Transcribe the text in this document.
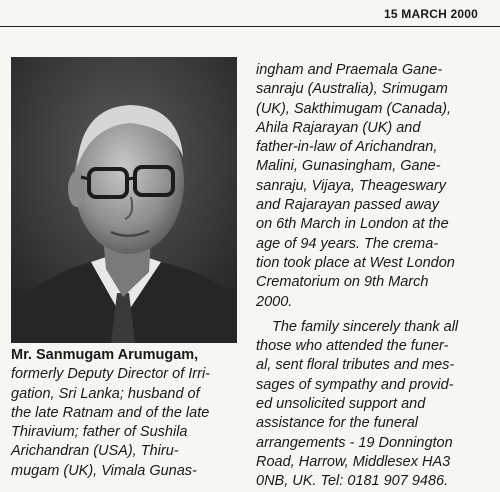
15 MARCH 2000
Mr. Sanmugam Arumugam,
formerly Deputy Director of Irri-
gation, Sri Lanka; husband of
the late Ratnam and of the late
Thiravium; father of Sushila
Arichandran (USA), Thiru-
mugam (UK), Vimala Gunas-
ingham and Praemala Gane-
sanraju (Australia), Srimugam
(UK), Sakthimugam (Canada),
Ahila Rajarayan (UK) and
father-in-law of Arichandran,
Malini, Gunasingham, Gane-
sanraju, Vijaya, Theageswary
and Rajarayan passed away
on 6th March in London at the
age of 94 years. The crema-
tion took place at West London
Crematorium on 9th March
2000.
The family sincerely thank all
those who attended the funer-
al, sent floral tributes and mes-
sages of sympathy and provid-
ed unsolicited support and
assistance for the funeral
arrangements - 19 Donnington
Road, Harrow, Middlesex HA3
0NB, UK. Tel: 0181 907 9486.
